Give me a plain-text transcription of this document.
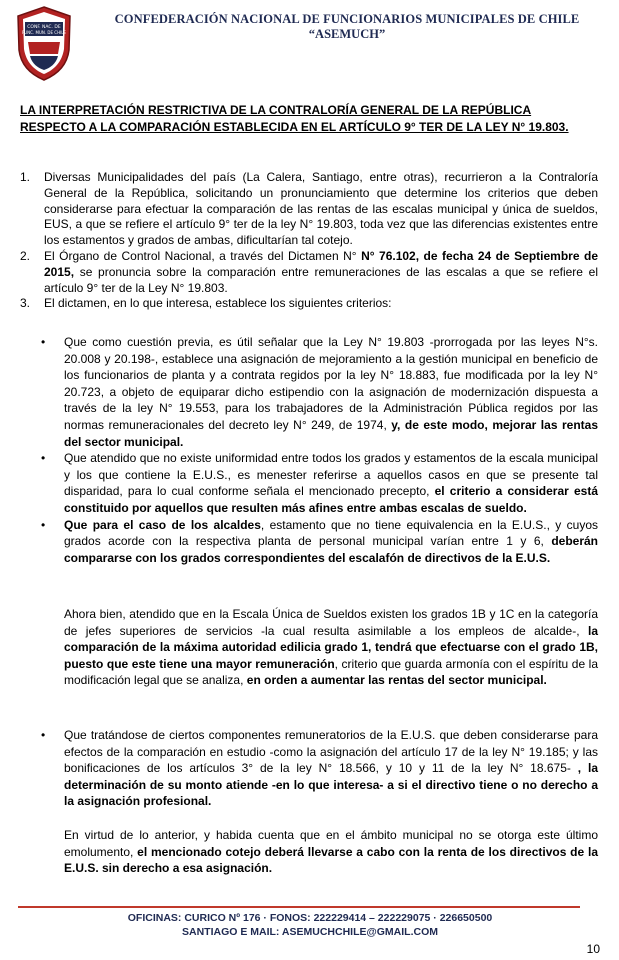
CONF. NAC. DE
FUNC. MUN. DE CHILE
CONFEDERACIÓN NACIONAL DE FUNCIONARIOS MUNICIPALES DE CHILE
“ASEMUCH”
LA INTERPRETACIÓN RESTRICTIVA DE LA CONTRALORÍA GENERAL DE LA REPÚBLICA RESPECTO A LA COMPARACIÓN ESTABLECIDA EN EL ARTÍCULO 9° TER DE LA LEY N° 19.803.
1. Diversas Municipalidades del país (La Calera, Santiago, entre otras), recurrieron a la Contraloría General de la República, solicitando un pronunciamiento que determine los criterios que deben considerarse para efectuar la comparación de las rentas de las escalas municipal y única de sueldos, EUS, a que se refiere el artículo 9° ter de la ley N° 19.803, toda vez que las diferencias existentes entre los estamentos y grados de ambas, dificultarían tal cotejo.
2. El Órgano de Control Nacional, a través del Dictamen N° N° 76.102, de fecha 24 de Septiembre de 2015, se pronuncia sobre la comparación entre remuneraciones de las escalas a que se refiere el artículo 9° ter de la Ley N° 19.803.
3. El dictamen, en lo que interesa, establece los siguientes criterios:
• Que como cuestión previa, es útil señalar que la Ley N° 19.803 -prorrogada por las leyes N°s. 20.008 y 20.198-, establece una asignación de mejoramiento a la gestión municipal en beneficio de los funcionarios de planta y a contrata regidos por la ley N° 18.883, fue modificada por la ley N° 20.723, a objeto de equiparar dicho estipendio con la asignación de modernización dispuesta a través de la ley N° 19.553, para los trabajadores de la Administración Pública regidos por las normas remuneracionales del decreto ley N° 249, de 1974, y, de este modo, mejorar las rentas del sector municipal.
• Que atendido que no existe uniformidad entre todos los grados y estamentos de la escala municipal y los que contiene la E.U.S., es menester referirse a aquellos casos en que se presente tal disparidad, para lo cual conforme señala el mencionado precepto, el criterio a considerar está constituido por aquellos que resulten más afines entre ambas escalas de sueldo.
• Que para el caso de los alcaldes, estamento que no tiene equivalencia en la E.U.S., y cuyos grados acorde con la respectiva planta de personal municipal varían entre 1 y 6, deberán compararse con los grados correspondientes del escalafón de directivos de la E.U.S.

Ahora bien, atendido que en la Escala Única de Sueldos existen los grados 1B y 1C en la categoría de jefes superiores de servicios -la cual resulta asimilable a los empleos de alcalde-, la comparación de la máxima autoridad edilicia grado 1, tendrá que efectuarse con el grado 1B, puesto que este tiene una mayor remuneración, criterio que guarda armonía con el espíritu de la modificación legal que se analiza, en orden a aumentar las rentas del sector municipal.

• Que tratándose de ciertos componentes remuneratorios de la E.U.S. que deben considerarse para efectos de la comparación en estudio -como la asignación del artículo 17 de la ley N° 19.185; y las bonificaciones de los artículos 3° de la ley N° 18.566, y 10 y 11 de la ley N° 18.675- , la determinación de su monto atiende -en lo que interesa- a si el directivo tiene o no derecho a la asignación profesional.

En virtud de lo anterior, y habida cuenta que en el ámbito municipal no se otorga este último emolumento, el mencionado cotejo deberá llevarse a cabo con la renta de los directivos de la E.U.S. sin derecho a esa asignación.

OFICINAS: CURICO Nº 176 · FONOS: 222229414 – 222229075 · 226650500
SANTIAGO E MAIL: ASEMUCHCHILE@GMAIL.COM
10
